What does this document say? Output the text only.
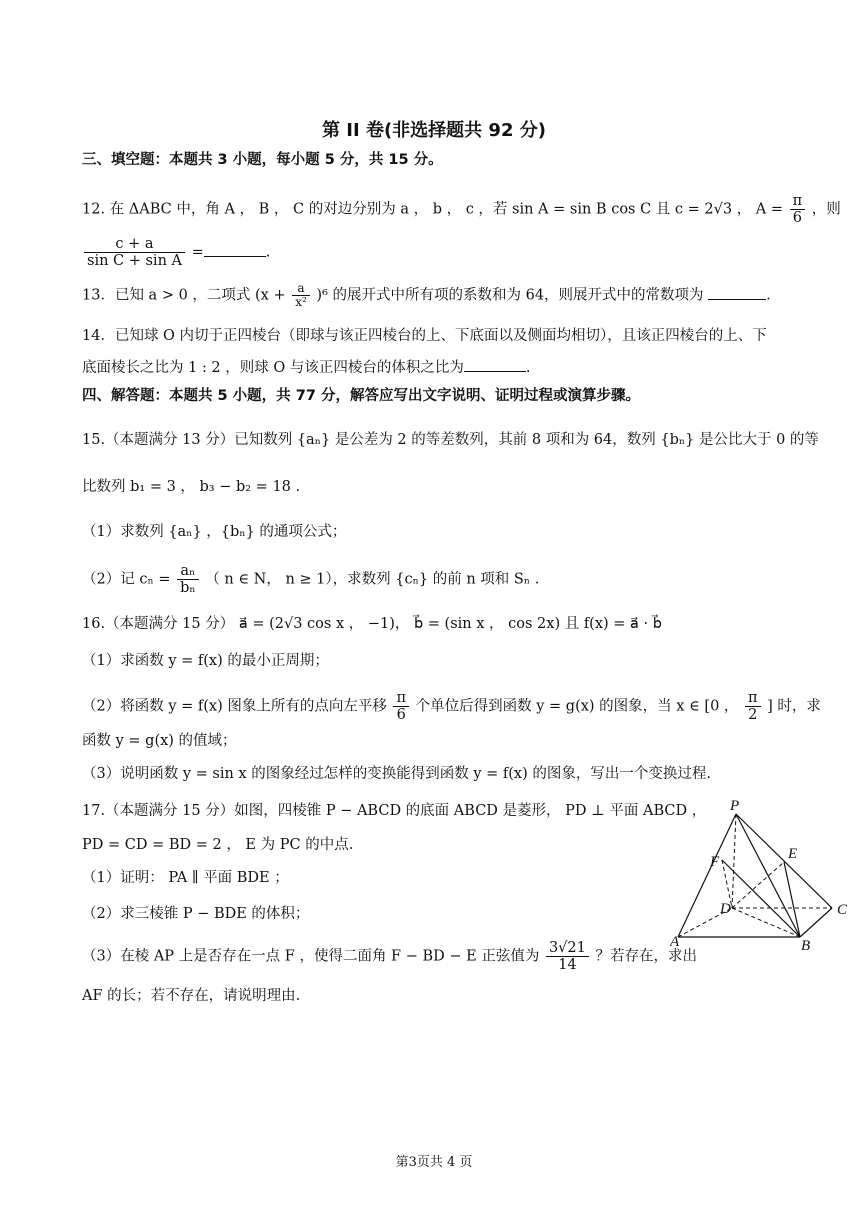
第 II 卷(非选择题共 92 分)
三、填空题：本题共 3 小题，每小题 5 分，共 15 分。
12. 在 ΔABC 中，角 A ， B ， C 的对边分别为 a ， b ， c ，若 sin A = sin B cos C 且 c = 2√3 ， $A = \frac{\pi}{6}$ ，则
$\frac{c + a}{\text{sin C + sin A}}$ =	.
13．已知 a > 0 ，二项式 $(x + \frac{a}{\text{x²}} )^6$ 的展开式中所有项的系数和为 64，则展开式中的常数项为	.
14．已知球 O 内切于正四棱台（即球与该正四棱台的上、下底面以及侧面均相切），且该正四棱台的上、下
底面棱长之比为 1 : 2 ，则球 O 与该正四棱台的体积之比为	.
四、解答题：本题共 5 小题，共 77 分，解答应写出文字说明、证明过程或演算步骤。
15.（本题满分 13 分）已知数列 {aₙ} 是公差为 2 的等差数列，其前 8 项和为 64，数列 {bₙ} 是公比大于 0 的等
比数列 b₁ = 3 ， b₃ − b₂ = 18 .
（1）求数列 {aₙ} ，{bₙ} 的通项公式；
（2）记 $c_n = \frac{\text{aₙ}}{\text{bₙ}}$ （ n ∈ N， n ≥ 1），求数列 {cₙ} 的前 n 项和 Sₙ .
16.（本题满分 15 分） a⃗ = (2√3 cos x ， −1)， b⃗ = (sin x ， cos 2x) 且 f(x) = a⃗ · b⃗
（1）求函数 y = f(x) 的最小正周期；
（2）将函数 y = f(x) 图象上所有的点向左平移 $\frac{\pi}{6}$ 个单位后得到函数 y = g(x) 的图象，当 x ∈ [0 ， $\frac{\pi}{2}$ ] 时，求
函数 y = g(x) 的值域；
（3）说明函数 y = sin x 的图象经过怎样的变换能得到函数 y = f(x) 的图象，写出一个变换过程.
17.（本题满分 15 分）如图，四棱锥 P − ABCD 的底面 ABCD 是菱形， PD ⊥ 平面 ABCD ，
PD = CD = BD = 2 ， E 为 PC 的中点.
（1）证明： PA ∥ 平面 BDE ；
（2）求三棱锥 P − BDE 的体积；
（3）在棱 AP 上是否存在一点 F ，使得二面角 F − BD − E 正弦值为 $\frac{3√21}{14}$ ？若存在，求出
AF 的长；若不存在，请说明理由.
P
E
F
D	C
A	B
第3页共 4 页
